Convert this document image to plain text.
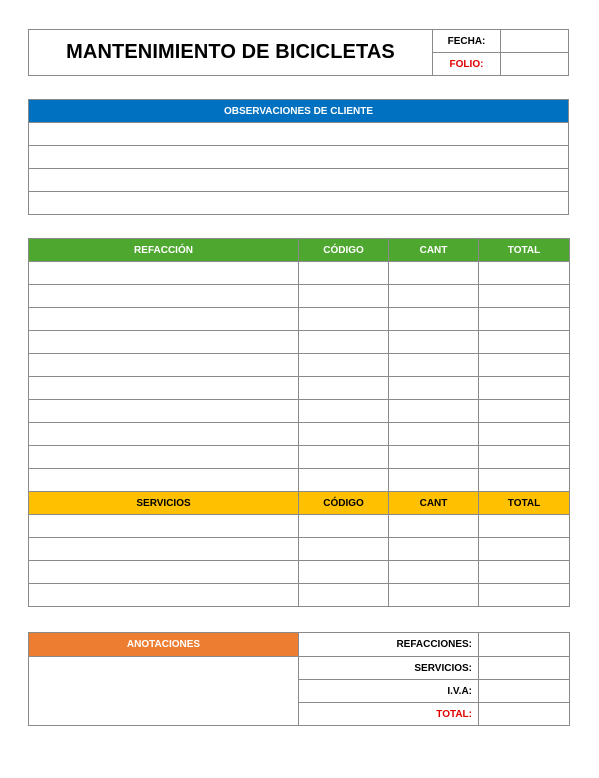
MANTENIMIENTO DE BICICLETAS	FECHA:
FOLIO:
OBSERVACIONES DE CLIENTE

REFACCIÓN	CÓDIGO	CANT	TOTAL

SERVICIOS	CÓDIGO	CANT	TOTAL

ANOTACIONES	REFACCIONES:	
	SERVICIOS:	
	I.V.A:	
	TOTAL:	
